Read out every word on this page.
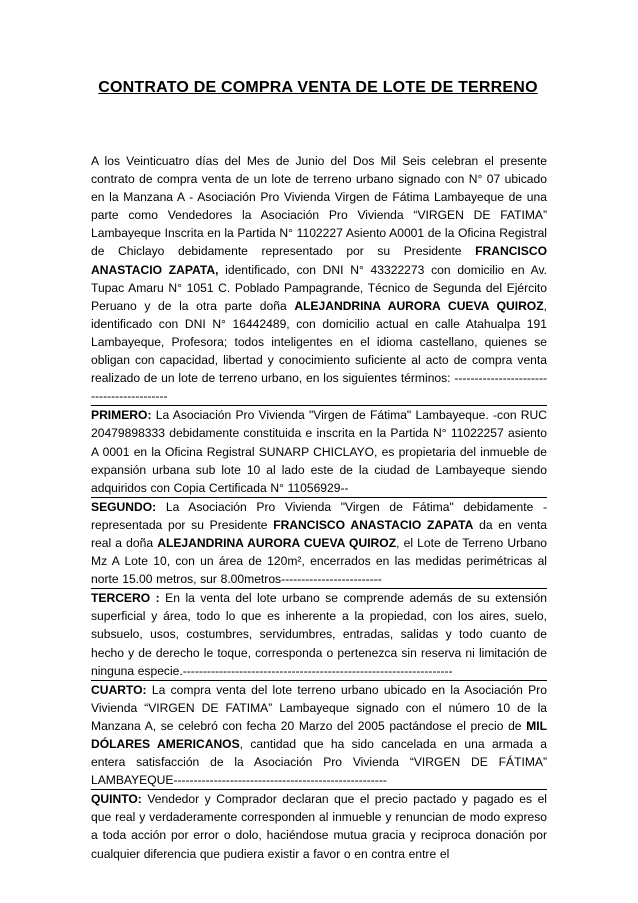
CONTRATO DE COMPRA VENTA DE LOTE DE TERRENO

A los Veinticuatro días del Mes de Junio del Dos Mil Seis celebran el presente contrato de compra venta de un lote de terreno urbano signado con N° 07 ubicado en la Manzana A - Asociación Pro Vivienda Virgen de Fátima Lambayeque de una parte como Vendedores la Asociación Pro Vivienda “VIRGEN DE FATIMA” Lambayeque Inscrita en la Partida N° 1102227 Asiento A0001 de la Oficina Registral de Chiclayo debidamente representado por su Presidente FRANCISCO ANASTACIO ZAPATA, identificado, con DNI N° 43322273 con domicilio en Av. Tupac Amaru N° 1051 C. Poblado Pampagrande, Técnico de Segunda del Ejército Peruano y de la otra parte doña ALEJANDRINA AURORA CUEVA QUIROZ, identificado con DNI N° 16442489, con domicilio actual en calle Atahualpa 191 Lambayeque, Profesora; todos inteligentes en el idioma castellano, quienes se obligan con capacidad, libertad y conocimiento suficiente al acto de compra venta realizado de un lote de terreno urbano, en los siguientes términos: ------------------------------------------

PRIMERO: La Asociación Pro Vivienda "Virgen de Fátima" Lambayeque. -con RUC 20479898333 debidamente constituida e inscrita en la Partida N° 11022257 asiento A 0001 en la Oficina Registral SUNARP CHICLAYO, es propietaria del inmueble de expansión urbana sub lote 10 al lado este de la ciudad de Lambayeque siendo adquiridos con Copia Certificada N° 11056929--

SEGUNDO: La Asociación Pro Vivienda "Virgen de Fátima" debidamente -representada por su Presidente FRANCISCO ANASTACIO ZAPATA da en venta real a doña ALEJANDRINA AURORA CUEVA QUIROZ, el Lote de Terreno Urbano Mz A Lote 10, con un área de 120m², encerrados en las medidas perimétricas al norte 15.00 metros, sur 8.00metros-------------------------

TERCERO : En la venta del lote urbano se comprende además de su extensión superficial y área, todo lo que es inherente a la propiedad, con los aires, suelo, subsuelo, usos, costumbres, servidumbres, entradas, salidas y todo cuanto de hecho y de derecho le toque, corresponda o pertenezca sin reserva ni limitación de ninguna especie.-------------------------------------------------------------------

CUARTO: La compra venta del lote terreno urbano ubicado en la Asociación Pro Vivienda “VIRGEN DE FATIMA” Lambayeque signado con el número 10 de la Manzana A, se celebró con fecha 20 Marzo del 2005 pactándose el precio de MIL DÓLARES AMERICANOS, cantidad que ha sido cancelada en una armada a entera satisfacción de la Asociación Pro Vivienda “VIRGEN DE FÁTIMA” LAMBAYEQUE-----------------------------------------------------

QUINTO: Vendedor y Comprador declaran que el precio pactado y pagado es el que real y verdaderamente corresponden al inmueble y renuncian de modo expreso a toda acción por error o dolo, haciéndose mutua gracia y reciproca donación por cualquier diferencia que pudiera existir a favor o en contra entre el
